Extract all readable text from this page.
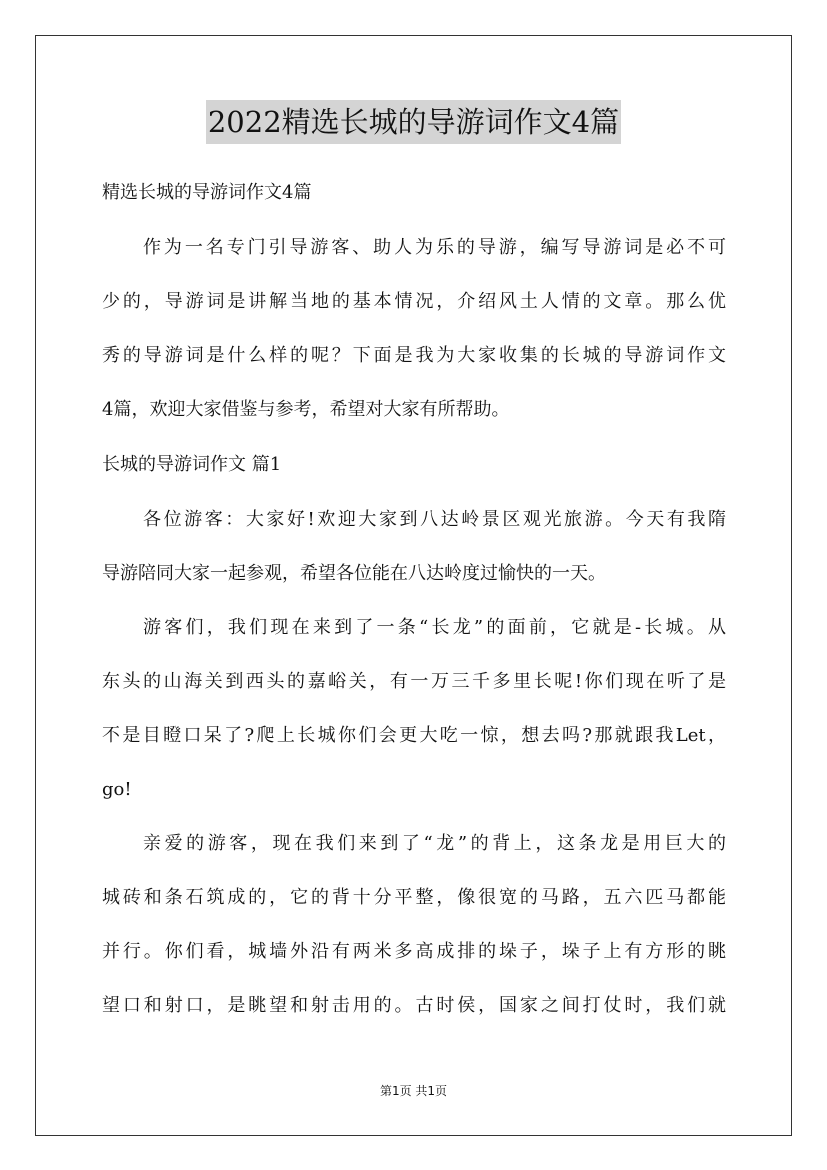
2022精选长城的导游词作文4篇
精选长城的导游词作文4篇
作为一名专门引导游客、助人为乐的导游，编写导游词是必不可
少的，导游词是讲解当地的基本情况，介绍风土人情的文章。那么优
秀的导游词是什么样的呢？下面是我为大家收集的长城的导游词作文
4篇，欢迎大家借鉴与参考，希望对大家有所帮助。
长城的导游词作文 篇1
各位游客：大家好!欢迎大家到八达岭景区观光旅游。今天有我隋
导游陪同大家一起参观，希望各位能在八达岭度过愉快的一天。
游客们，我们现在来到了一条“长龙”的面前，它就是-长城。从
东头的山海关到西头的嘉峪关，有一万三千多里长呢!你们现在听了是
不是目瞪口呆了?爬上长城你们会更大吃一惊，想去吗?那就跟我Let，
go!
亲爱的游客，现在我们来到了“龙”的背上，这条龙是用巨大的
城砖和条石筑成的，它的背十分平整，像很宽的马路，五六匹马都能
并行。你们看，城墙外沿有两米多高成排的垛子，垛子上有方形的眺
望口和射口，是眺望和射击用的。古时侯，国家之间打仗时，我们就
第1页 共1页
